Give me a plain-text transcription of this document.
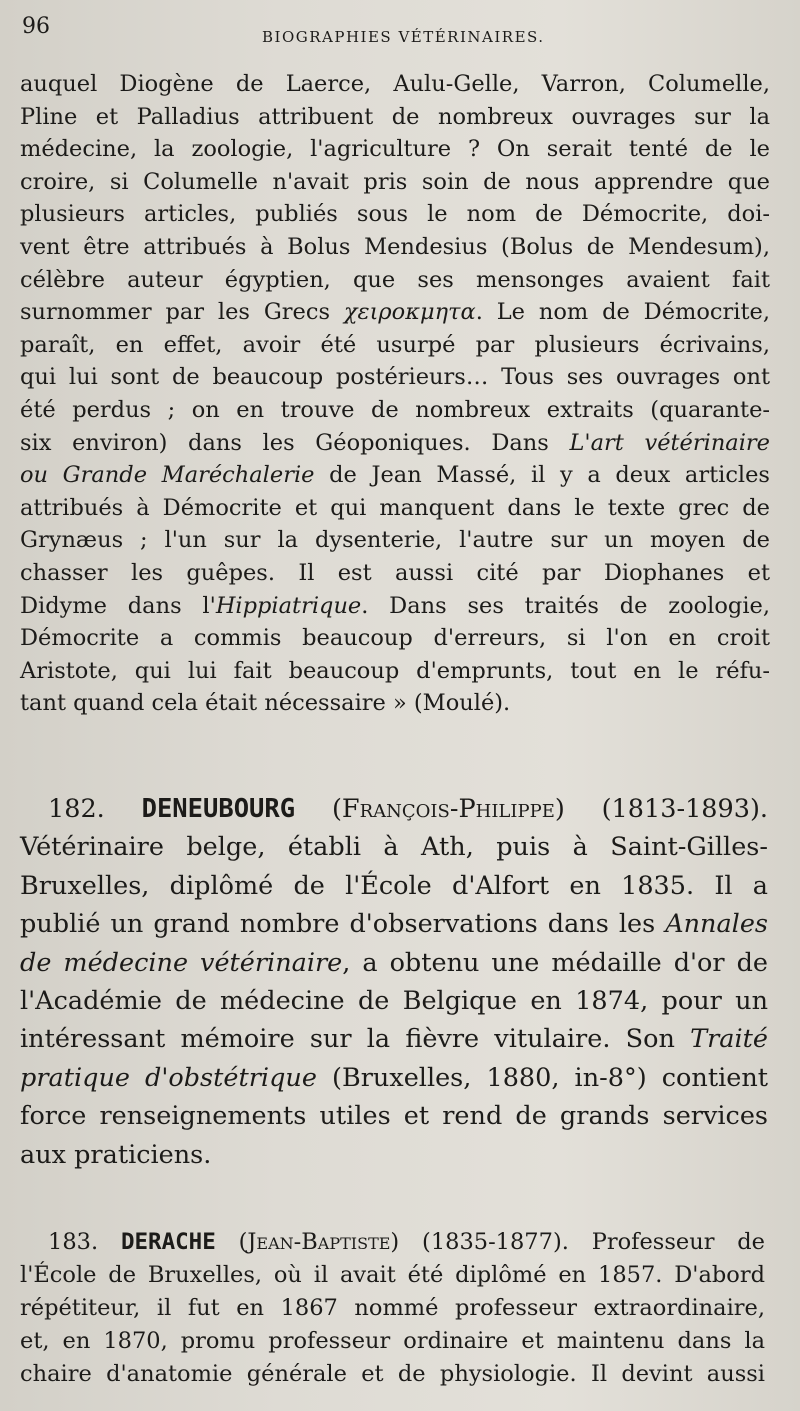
96	BIOGRAPHIES VÉTÉRINAIRES.
auquel Diogène de Laerce, Aulu-Gelle, Varron, Columelle,
Pline et Palladius attribuent de nombreux ouvrages sur la
médecine, la zoologie, l'agriculture ? On serait tenté de le
croire, si Columelle n'avait pris soin de nous apprendre que
plusieurs articles, publiés sous le nom de Démocrite, doi-
vent être attribués à Bolus Mendesius (Bolus de Mendesum),
célèbre auteur égyptien, que ses mensonges avaient fait
surnommer par les Grecs χειροκμητα. Le nom de Démocrite,
paraît, en effet, avoir été usurpé par plusieurs écrivains,
qui lui sont de beaucoup postérieurs… Tous ses ouvrages ont
été perdus ; on en trouve de nombreux extraits (quarante-
six environ) dans les Géoponiques. Dans L'art vétérinaire
ou Grande Maréchalerie de Jean Massé, il y a deux articles
attribués à Démocrite et qui manquent dans le texte grec de
Grynæus ; l'un sur la dysenterie, l'autre sur un moyen de
chasser les guêpes. Il est aussi cité par Diophanes et
Didyme dans l'Hippiatrique. Dans ses traités de zoologie,
Démocrite a commis beaucoup d'erreurs, si l'on en croit
Aristote, qui lui fait beaucoup d'emprunts, tout en le réfu-
tant quand cela était nécessaire » (Moulé).
182. DENEUBOURG (François-Philippe) (1813-1893).
Vétérinaire belge, établi à Ath, puis à Saint-Gilles-
Bruxelles, diplômé de l'École d'Alfort en 1835. Il a
publié un grand nombre d'observations dans les Annales
de médecine vétérinaire, a obtenu une médaille d'or de
l'Académie de médecine de Belgique en 1874, pour un
intéressant mémoire sur la fièvre vitulaire. Son Traité
pratique d'obstétrique (Bruxelles, 1880, in-8°) contient
force renseignements utiles et rend de grands services
aux praticiens.
183. DERACHE (Jean-Baptiste) (1835-1877). Professeur de
l'École de Bruxelles, où il avait été diplômé en 1857. D'abord
répétiteur, il fut en 1867 nommé professeur extraordinaire,
et, en 1870, promu professeur ordinaire et maintenu dans la
chaire d'anatomie générale et de physiologie. Il devint aussi
